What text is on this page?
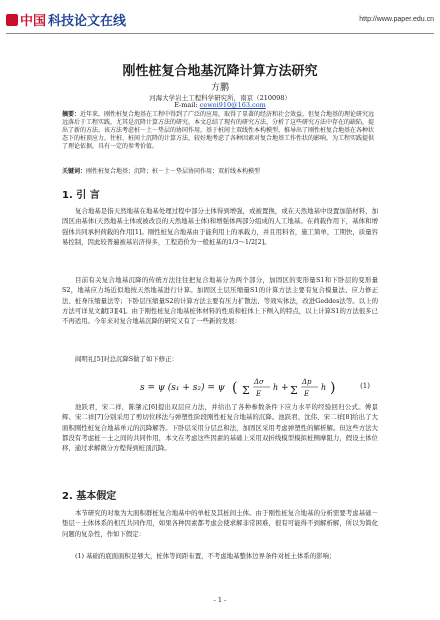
中国 科技论文在线	http://www.paper.edu.cn
刚性桩复合地基沉降计算方法研究
方鹏
河海大学岩土工程科学研究所，南京（210098）
E-mail: cewei910@163.com
摘要：近年来，刚性桩复合地基在工程中得到了广泛的应用，取得了显著的经济和社会效益，但复合地基的理论研究远远落后于工程实践，尤其是沉降计算方法的研究。本文总结了现有的研究方法，分析了这些研究方法中存在的缺陷，提出了新的方法。该方法考虑桩－土－垫层的协同作用，基于桩间土双线性本构模型，推导出了刚性桩复合地基在各种状态下的桩顶应力，往桩、桩间土沉降的计算方法，较好地考虑了各种因素对复合地基工作性状的影响，为工程实践提供了理论依据，具有一定的参考价值。
关键词：刚性桩复合地基；沉降；桩－土－垫层协同作用；双折线本构模型
1. 引 言
复合地基是指天然地基在地基处理过程中部分土体得到增强，或被置换，或在天然地基中设置加筋材料，加固区由基体(天然地基土体或被改良的天然地基土体)和增强体两部分组成的人工地基。在荷载作用下，基体和增强体共同承担荷载的作用[1]。刚性桩复合地基由于能利用上的承载力，并且用料省，施工简单，工期快，质量容易控制，因此较普遍被基岩济得多，工程造价为一般桩基的1/3～1/2[2]。
目前有关复合地基沉降的传统方法往往把复合地基分为两个部分，加固区的变形量S1和下卧层的变形量S2，地基应力场近似地按天然地基进行计算。加固区土层压缩量S1的计算方法主要有复合模量法、应力修正法、桩身压缩量法等；下卧层压缩量S2的计算方法主要有压力扩散法、等效实体法，改进Geddes法等。以上的方法可详见文献[3][4]。由于刚性桩复合地基桩体材料的性质和桩体上下侧入的特点，以上计算S1的方法很多已不再适用。今年来对复合地基沉降的研究又有了一些新的发展：
阎明礼[5]对总沉降S做了如下修正：
s = ψ (s₁ + s₂) = ψ ( Σ
Δσ
E
h + Σ
Δp
E
h )	(1)
池跃君，宋二祥，陈肇元[6]提出双层应力法，并给出了各种参数条件下应力水平的经验回归公式。傅景辉、宋二祥[7]分别采用了剪切位移法与弹塑性阶段刚性桩复合地基的沉降。池跃君、沈伟、宋二祥[8]给出了大面积刚性桩复合地基单元的沉降解答。下卧层采用分层总和法，加固区采用考虑弹塑性的解析解。但这些方法大都没有考虑桩－土之间的共同作用，本文在考虑这些因素的基础上采用双折线模型模拟桩侧摩阻力，假设土体位移，通过求解微分方程得到桩顶沉降。
2. 基本假定
本节研究的对象为大面积群桩复合地基中的单桩及其桩间土体。由于刚性桩复合地基的分析需要考虑基础－垫层－土体体系的相互共同作用，如果各种因素都考虑会使求解非常困难，很有可能得不到解析解，所以为简化问题的复杂性，作如下假定：
(1) 基础的底面面积足够大，桩体等间距布置，不考虑地基整体边界条件对桩土体系的影响；
- 1 -
